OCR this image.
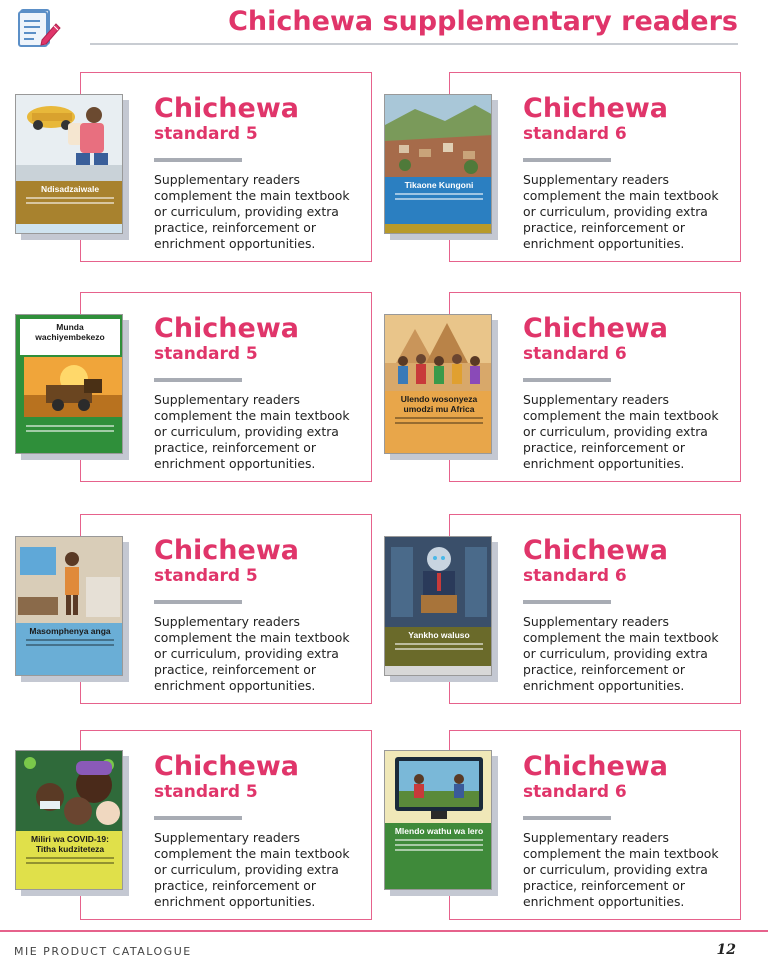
Chichewa supplementary readers
Ndisadzaiwale

Chichewa

standard 5

Supplementary readers complement the main textbook or curriculum, providing extra practice, reinforcement or enrichment opportunities.

Tikaone Kungoni

Chichewa

standard 6

Supplementary readers complement the main textbook or curriculum, providing extra practice, reinforcement or enrichment opportunities.

Munda wachiyembekezo	Chichewa

standard 5

Supplementary readers complement the main textbook or curriculum, providing extra practice, reinforcement or enrichment opportunities.

Ulendo wosonyeza umodzi mu Africa

Chichewa

standard 6

Supplementary readers complement the main textbook or curriculum, providing extra practice, reinforcement or enrichment opportunities.

Masomphenya anga

Chichewa

standard 5

Supplementary readers complement the main textbook or curriculum, providing extra practice, reinforcement or enrichment opportunities.

Yankho waluso

Chichewa

standard 6

Supplementary readers complement the main textbook or curriculum, providing extra practice, reinforcement or enrichment opportunities.

Miliri wa COVID-19: Titha kudziteteza

Chichewa

standard 5

Supplementary readers complement the main textbook or curriculum, providing extra practice, reinforcement or enrichment opportunities.

Mlendo wathu wa lero

Chichewa

standard 6

Supplementary readers complement the main textbook or curriculum, providing extra practice, reinforcement or enrichment opportunities.

MIE PRODUCT CATALOGUE	12
